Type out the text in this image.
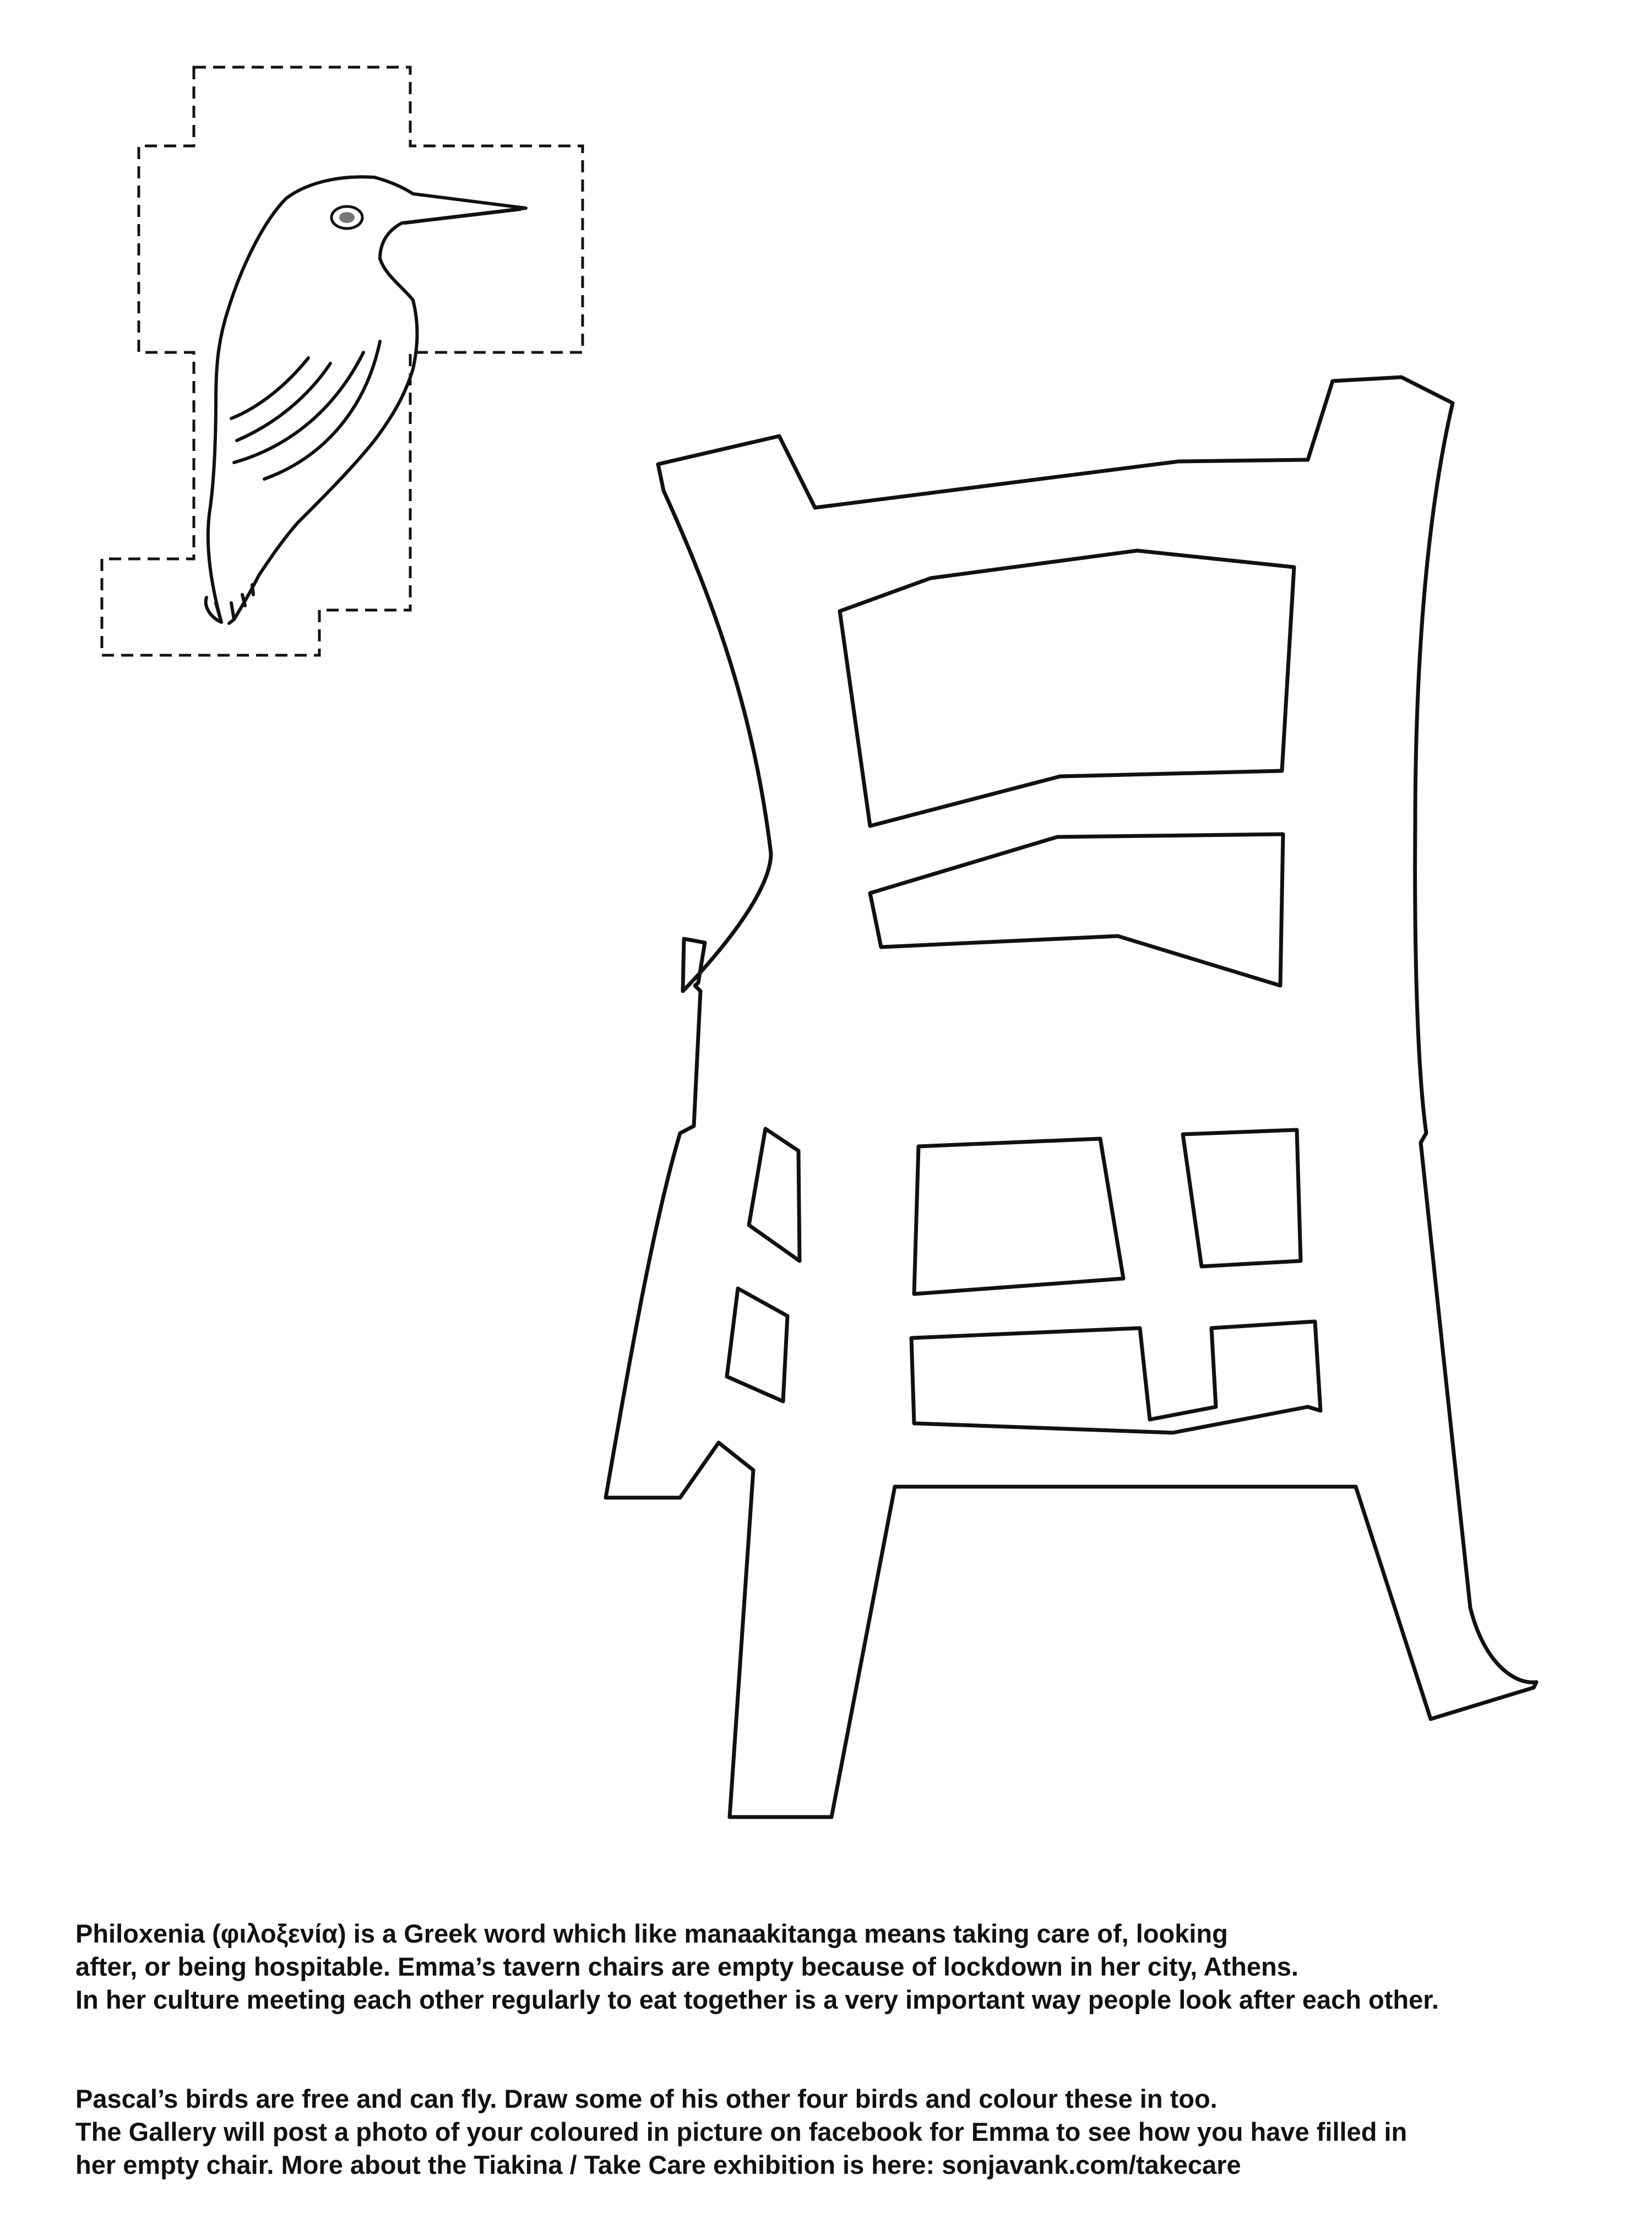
Philoxenia (φιλοξενία) is a Greek word which like manaakitanga means taking care of, looking

after, or being hospitable. Emma’s tavern chairs are empty because of lockdown in her city, Athens.

In her culture meeting each other regularly to eat together is a very important way people look after each other.

Pascal’s birds are free and can fly. Draw some of his other four birds and colour these in too.

The Gallery will post a photo of your coloured in picture on facebook for Emma to see how you have filled in

her empty chair. More about the Tiakina / Take Care exhibition is here: sonjavank.com/takecare
